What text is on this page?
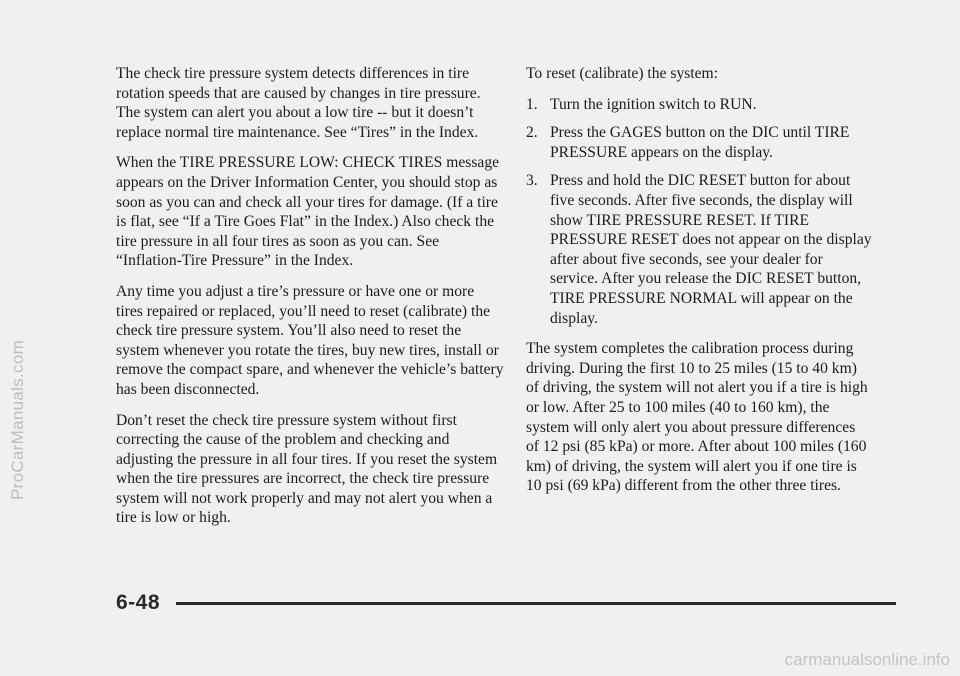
ProCarManuals.com

The check tire pressure system detects differences in tire rotation speeds that are caused by changes in tire pressure. The system can alert you about a low tire -- but it doesn’t replace normal tire maintenance. See “Tires” in the Index.

When the TIRE PRESSURE LOW: CHECK TIRES message appears on the Driver Information Center, you should stop as soon as you can and check all your tires for damage. (If a tire is flat, see “If a Tire Goes Flat” in the Index.) Also check the tire pressure in all four tires as soon as you can. See “Inflation-Tire Pressure” in the Index.

Any time you adjust a tire’s pressure or have one or more tires repaired or replaced, you’ll need to reset (calibrate) the check tire pressure system. You’ll also need to reset the system whenever you rotate the tires, buy new tires, install or remove the compact spare, and whenever the vehicle’s battery has been disconnected.

Don’t reset the check tire pressure system without first correcting the cause of the problem and checking and adjusting the pressure in all four tires. If you reset the system when the tire pressures are incorrect, the check tire pressure system will not work properly and may not alert you when a tire is low or high.

To reset (calibrate) the system:

1. Turn the ignition switch to RUN.
2. Press the GAGES button on the DIC until TIRE PRESSURE appears on the display.
3. Press and hold the DIC RESET button for about five seconds. After five seconds, the display will show TIRE PRESSURE RESET. If TIRE PRESSURE RESET does not appear on the display after about five seconds, see your dealer for service. After you release the DIC RESET button, TIRE PRESSURE NORMAL will appear on the display.

The system completes the calibration process during driving. During the first 10 to 25 miles (15 to 40 km) of driving, the system will not alert you if a tire is high or low. After 25 to 100 miles (40 to 160 km), the system will only alert you about pressure differences of 12 psi (85 kPa) or more. After about 100 miles (160 km) of driving, the system will alert you if one tire is 10 psi (69 kPa) different from the other three tires.

6-48
carmanualsonline.info
